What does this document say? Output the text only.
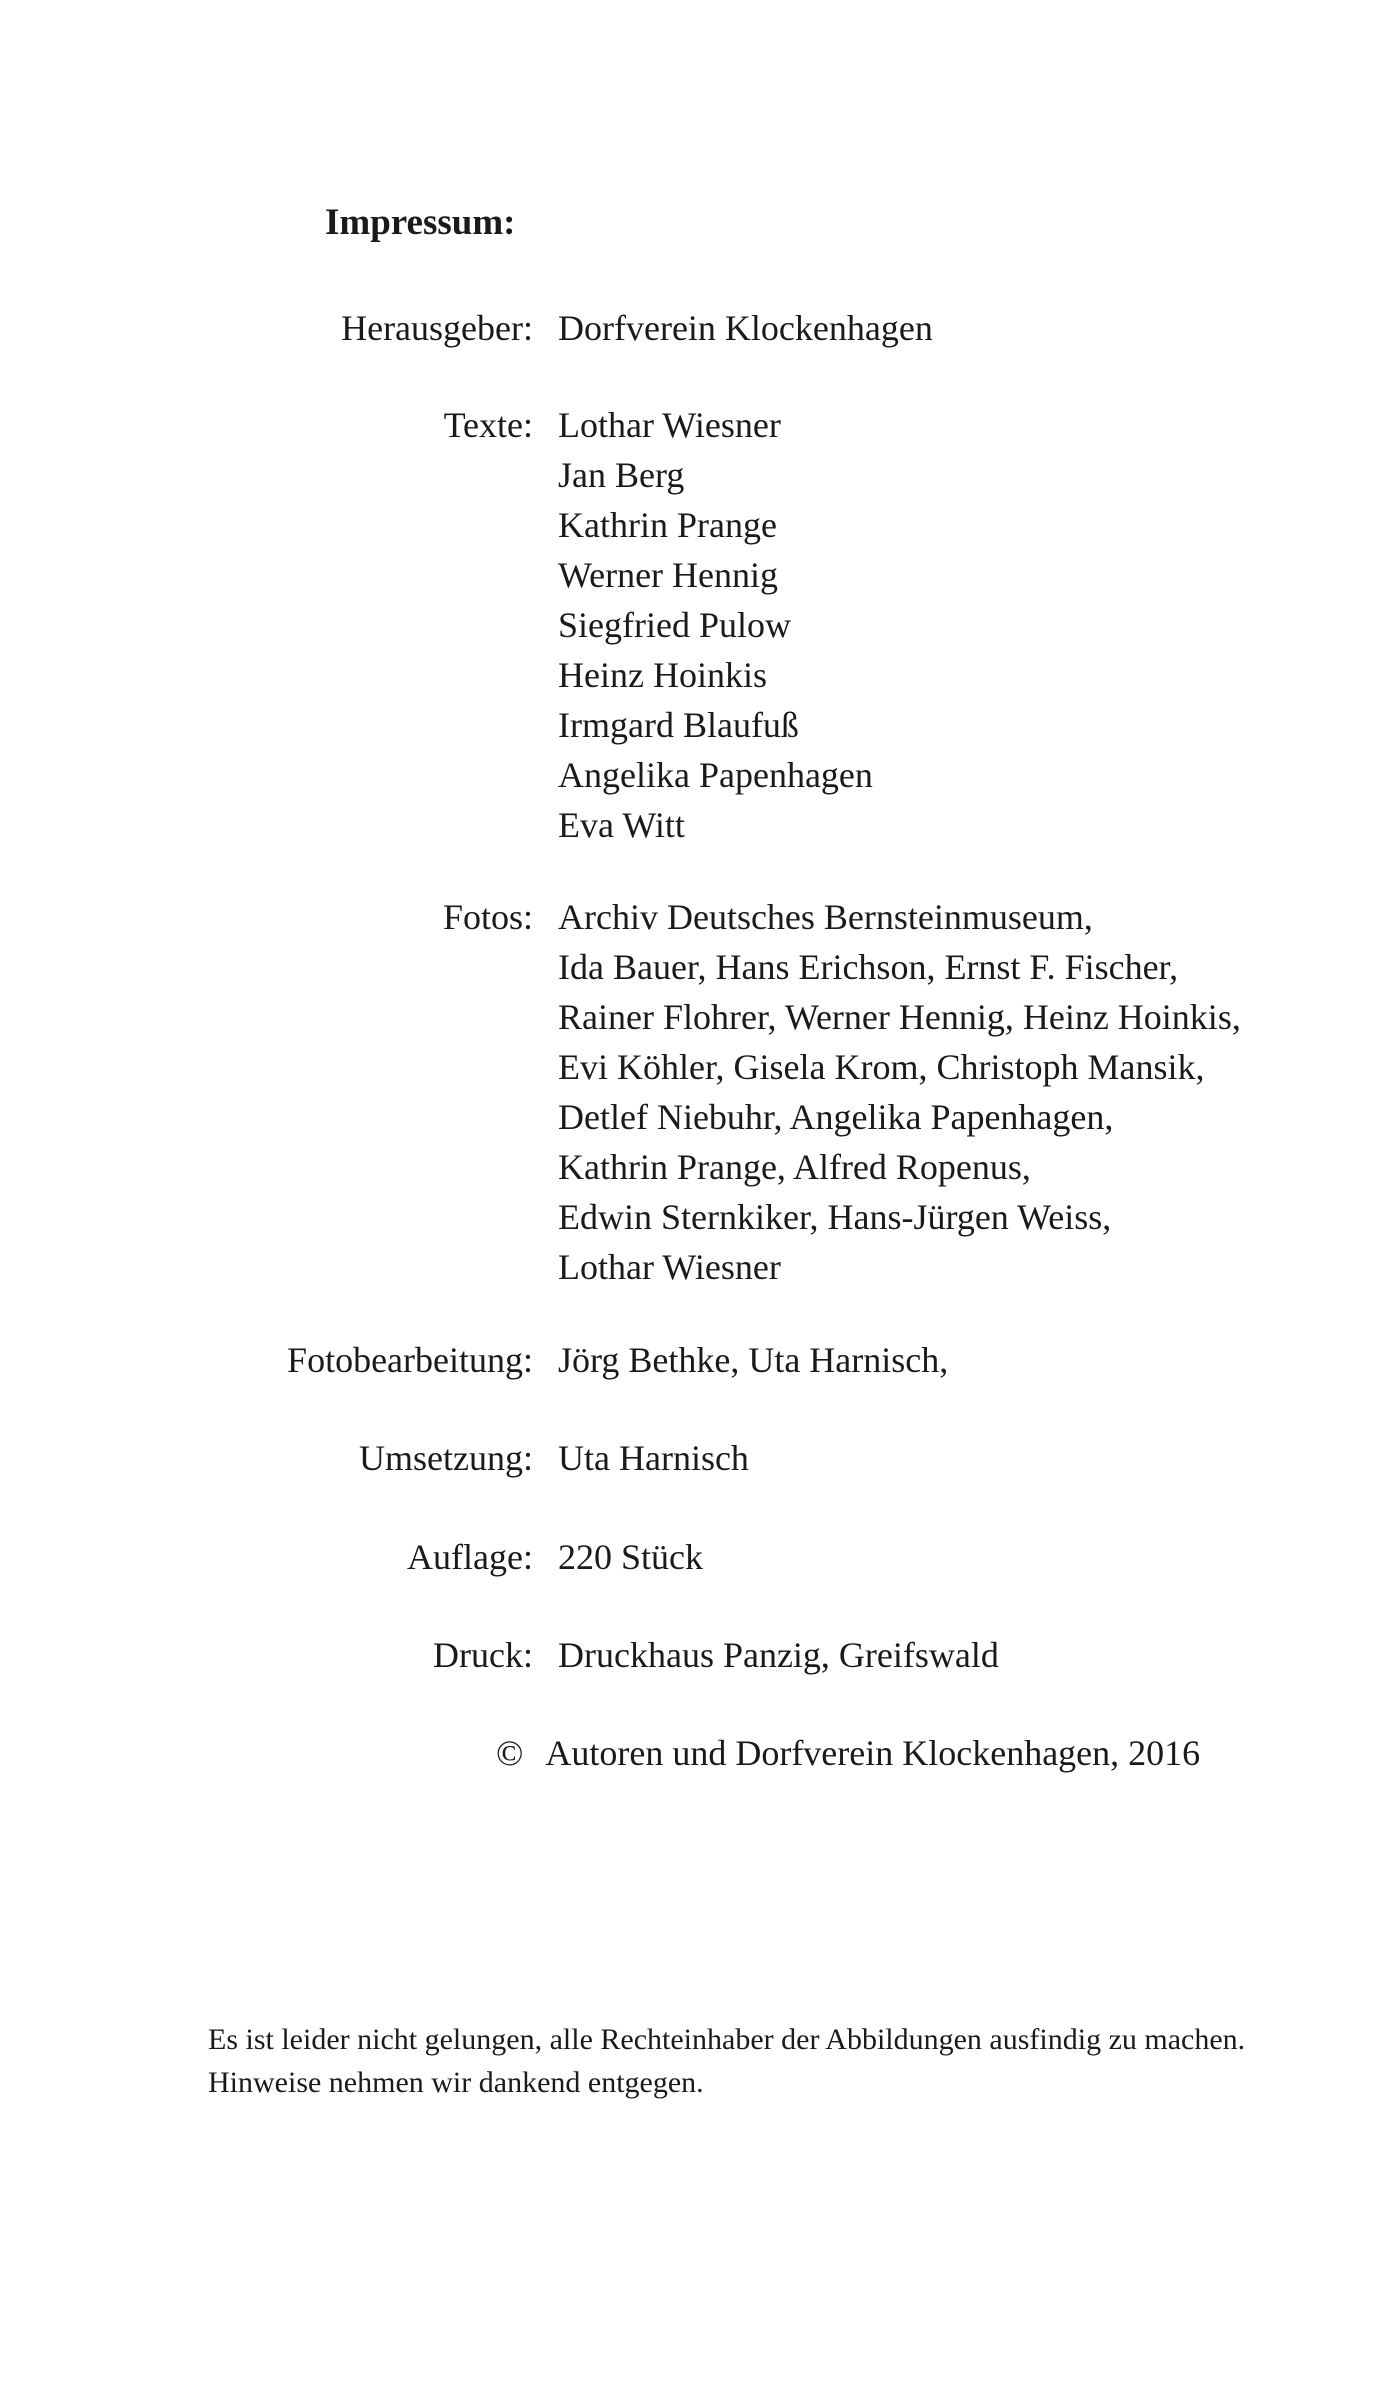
Impressum:
Herausgeber: Dorfverein Klockenhagen
Texte: Lothar Wiesner
Jan Berg
Kathrin Prange
Werner Hennig
Siegfried Pulow
Heinz Hoinkis
Irmgard Blaufuß
Angelika Papenhagen
Eva Witt
Fotos: Archiv Deutsches Bernsteinmuseum,
Ida Bauer, Hans Erichson, Ernst F. Fischer,
Rainer Flohrer, Werner Hennig, Heinz Hoinkis,
Evi Köhler, Gisela Krom, Christoph Mansik,
Detlef Niebuhr, Angelika Papenhagen,
Kathrin Prange, Alfred Ropenus,
Edwin Sternkiker, Hans-Jürgen Weiss,
Lothar Wiesner
Fotobearbeitung: Jörg Bethke, Uta Harnisch,
Umsetzung: Uta Harnisch
Auflage: 220 Stück
Druck: Druckhaus Panzig, Greifswald
© Autoren und Dorfverein Klockenhagen, 2016

Es ist leider nicht gelungen, alle Rechteinhaber der Abbildungen ausfindig zu machen. Hinweise nehmen wir dankend entgegen.
